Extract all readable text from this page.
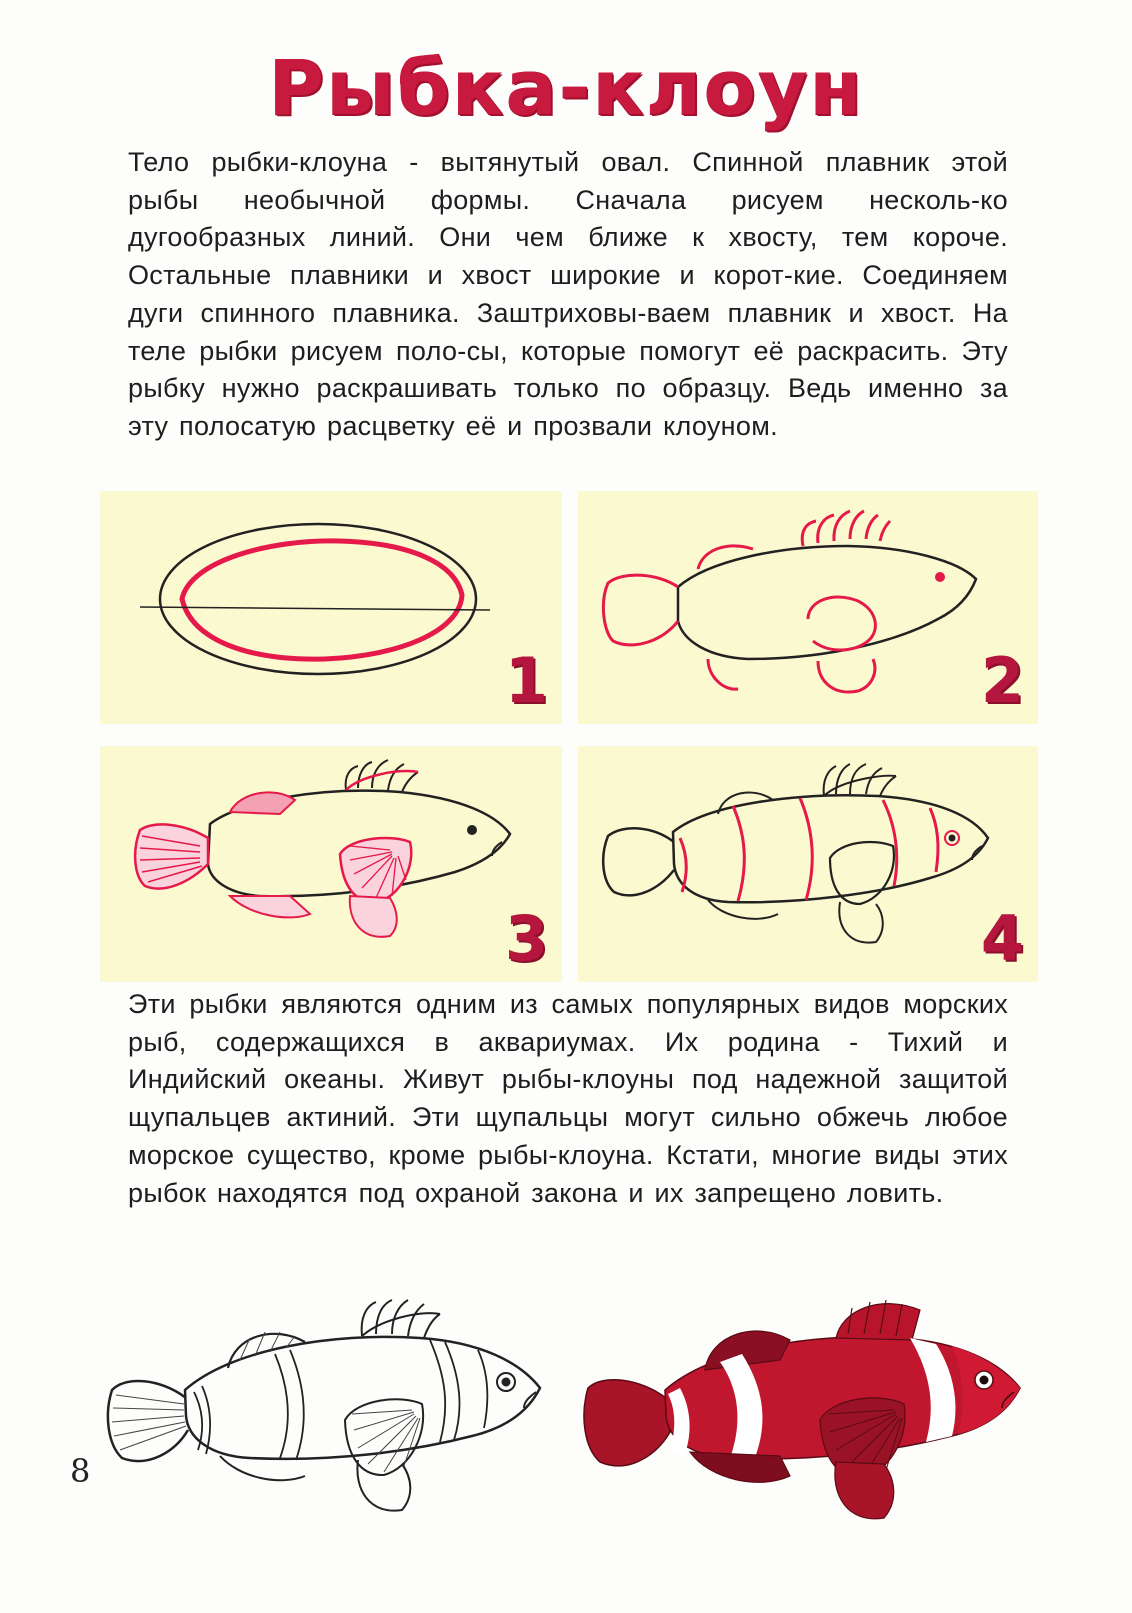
Рыбка-клоун
Тело рыбки-клоуна - вытянутый овал. Спинной плавник этой рыбы необычной формы. Сначала рисуем несколь-ко дугообразных линий. Они чем ближе к хвосту, тем короче. Остальные плавники и хвост широкие и корот-кие. Соединяем дуги спинного плавника. Заштриховы-ваем плавник и хвост. На теле рыбки рисуем поло-сы, которые помогут её раскрасить. Эту рыбку нужно раскрашивать только по образцу. Ведь именно за эту полосатую расцветку её и прозвали клоуном.
1	2
3	4
Эти рыбки являются одним из самых популярных видов морских рыб, содержащихся в аквариумах. Их родина - Тихий и Индийский океаны. Живут рыбы-клоуны под надежной защитой щупальцев актиний. Эти щупальцы могут сильно обжечь любое морское существо, кроме рыбы-клоуна. Кстати, многие виды этих рыбок находятся под охраной закона и их запрещено ловить.
8
